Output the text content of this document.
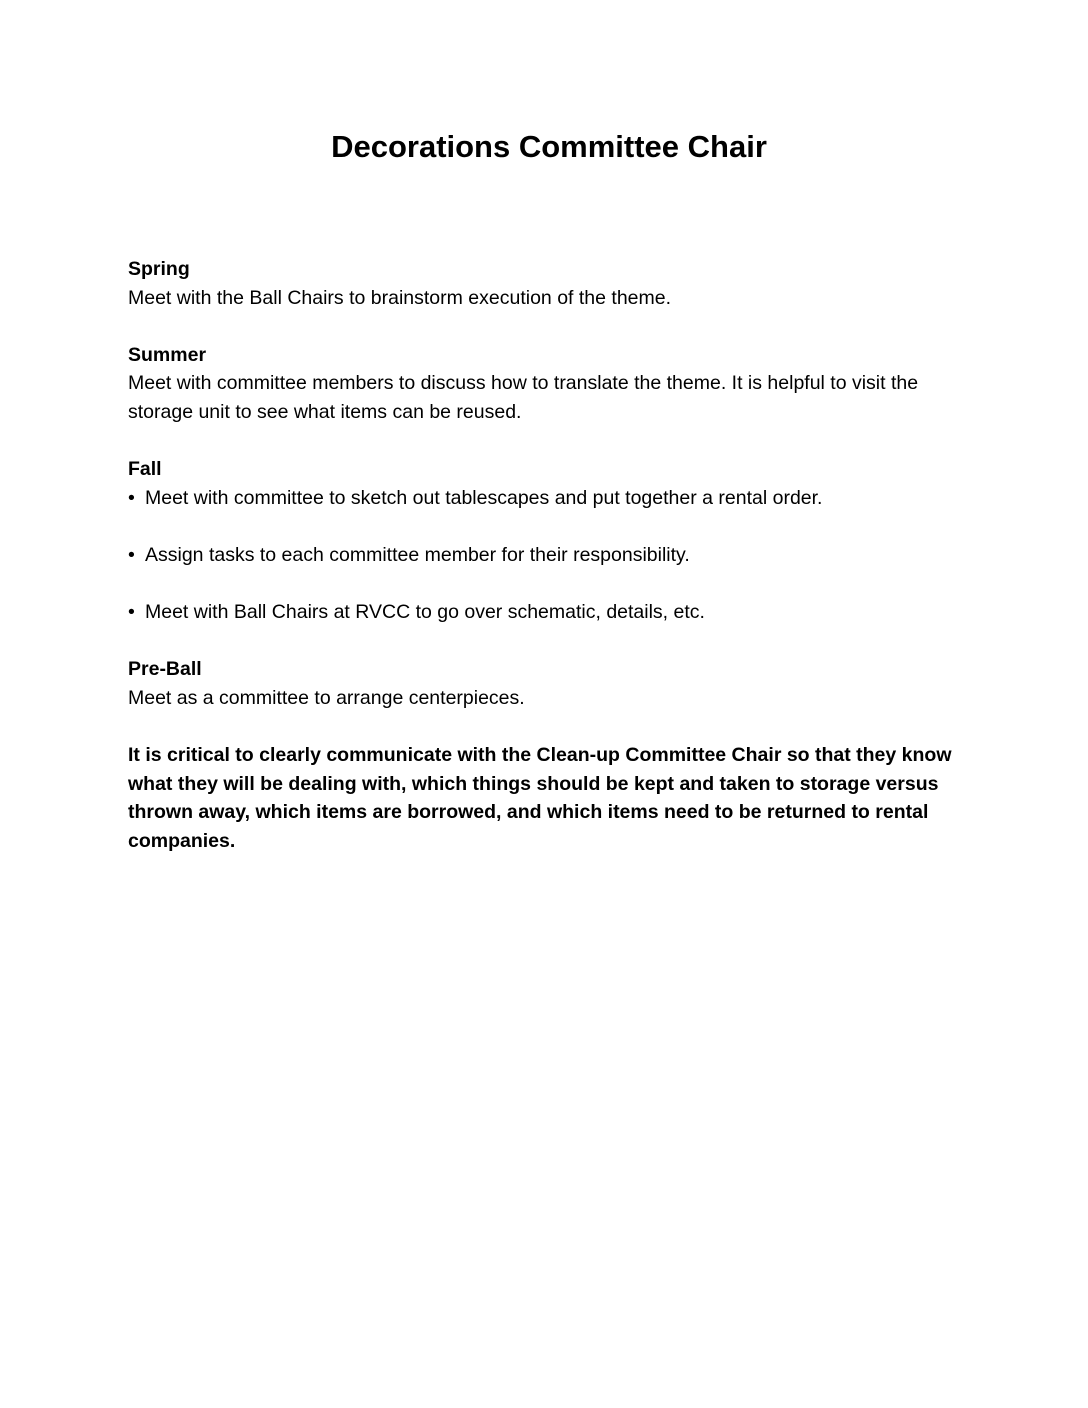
Decorations Committee Chair

Spring

Meet with the Ball Chairs to brainstorm execution of the theme.

Summer

Meet with committee members to discuss how to translate the theme. It is helpful to visit the storage unit to see what items can be reused.

Fall

• Meet with committee to sketch out tablescapes and put together a rental order.
• Assign tasks to each committee member for their responsibility.
• Meet with Ball Chairs at RVCC to go over schematic, details, etc.

Pre-Ball

Meet as a committee to arrange centerpieces.

It is critical to clearly communicate with the Clean-up Committee Chair so that they know what they will be dealing with, which things should be kept and taken to storage versus thrown away, which items are borrowed, and which items need to be returned to rental companies.
